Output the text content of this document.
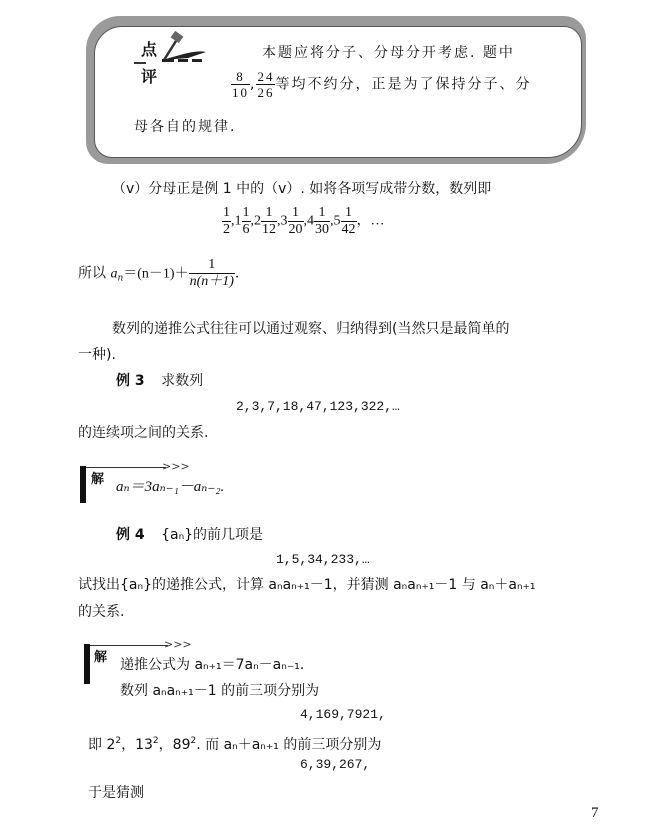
点
评
本题应将分子、分母分开考虑. 题中
$\frac{8}{10}$ , $\frac{24}{26}$ 等均不约分，正是为了保持分子、分
母各自的规律.
（v）分母正是例 1 中的（v）. 如将各项写成带分数，数列即
$\frac{1}{2} ,1 \frac{1}{6} ,2 \frac{1}{12} ,3 \frac{1}{20} ,4 \frac{1}{30} ,5 \frac{1}{42}$ ，…
所以 $a_n=(n-1)+ \frac{1}{n(n+1)}$ .
数列的递推公式往往可以通过观察、归纳得到(当然只是最简单的
一种).
例 3 求数列
2,3,7,18,47,123,322,…
的连续项之间的关系.
>>>
解 aₙ＝3aₙ₋₁－aₙ₋₂.
例 4 {aₙ}的前几项是
1,5,34,233,…
试找出{aₙ}的递推公式，计算 aₙaₙ₊₁－1，并猜测 aₙaₙ₊₁－1 与 aₙ＋aₙ₊₁
的关系.
>>>
解 递推公式为 aₙ₊₁＝7aₙ－aₙ₋₁.
数列 aₙaₙ₊₁－1 的前三项分别为
4,169,7921,
即 $2^2$，$13^2$，$89^2$. 而 aₙ＋aₙ₊₁ 的前三项分别为
6,39,267,
于是猜测
7
